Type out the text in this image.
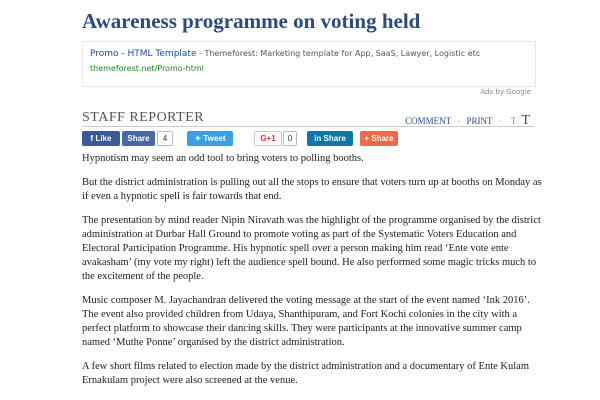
Awareness programme on voting held
Promo - HTML Template - Themeforest: Marketing template for App, SaaS, Lawyer, Logistic etc
themeforest.net/Promo-html
Ads by Google
STAFF REPORTER	COMMENT · PRINT · T T
f Like	Share	4	✦ Tweet	G+1	0	in Share	+ Share

Hypnotism may seem an odd tool to bring voters to polling booths.

But the district administration is pulling out all the stops to ensure that voters turn up at booths on Monday as if even a hypnotic spell is fair towards that end.

The presentation by mind reader Nipin Niravath was the highlight of the programme organised by the district administration at Durbar Hall Ground to promote voting as part of the Systematic Voters Education and Electoral Participation Programme. His hypnotic spell over a person making him read ‘Ente vote ente avakasham’ (my vote my right) left the audience spell bound. He also performed some magic tricks much to the excitement of the people.

Music composer M. Jayachandran delivered the voting message at the start of the event named ‘Ink 2016’. The event also provided children from Udaya, Shanthipuram, and Fort Kochi colonies in the city with a perfect platform to showcase their dancing skills. They were participants at the innovative summer camp named ‘Muthe Ponne’ organised by the district administration.

A few short films related to election made by the district administration and a documentary of Ente Kulam Ernakulam project were also screened at the venue.
